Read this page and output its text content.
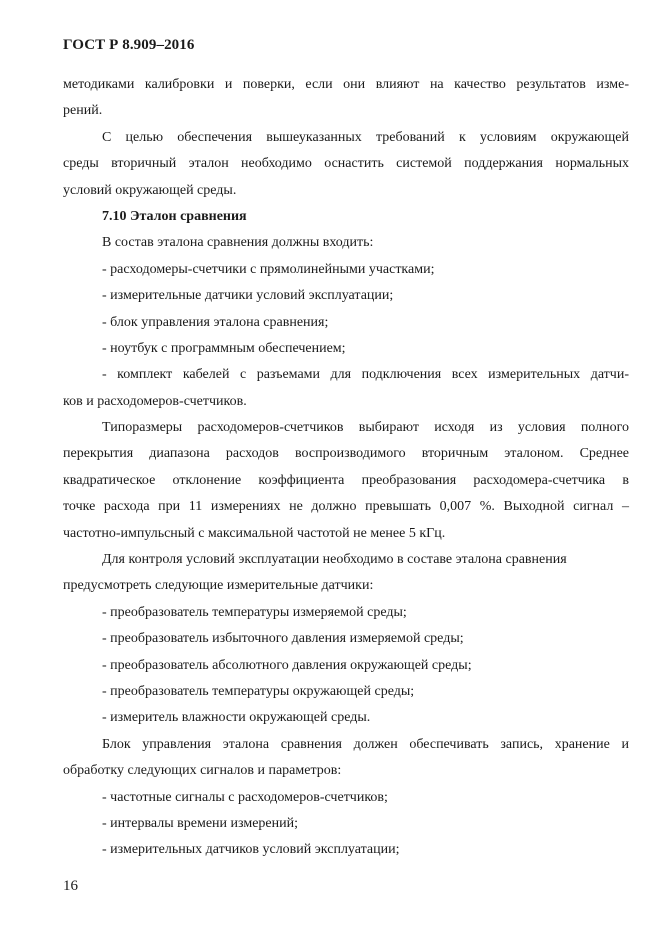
ГОСТ Р 8.909–2016
методиками калибровки и поверки, если они влияют на качество результатов изме-
рений.
С целью обеспечения вышеуказанных требований к условиям окружающей
среды вторичный эталон необходимо оснастить системой поддержания нормальных
условий окружающей среды.
7.10 Эталон сравнения
В состав эталона сравнения должны входить:
- расходомеры-счетчики с прямолинейными участками;
- измерительные датчики условий эксплуатации;
- блок управления эталона сравнения;
- ноутбук с программным обеспечением;
- комплект кабелей с разъемами для подключения всех измерительных датчи-
ков и расходомеров-счетчиков.
Типоразмеры расходомеров-счетчиков выбирают исходя из условия полного
перекрытия диапазона расходов воспроизводимого вторичным эталоном. Среднее
квадратическое отклонение коэффициента преобразования расходомера-счетчика в
точке расхода при 11 измерениях не должно превышать 0,007 %. Выходной сигнал –
частотно-импульсный с максимальной частотой не менее 5 кГц.
Для контроля условий эксплуатации необходимо в составе эталона сравнения
предусмотреть следующие измерительные датчики:
- преобразователь температуры измеряемой среды;
- преобразователь избыточного давления измеряемой среды;
- преобразователь абсолютного давления окружающей среды;
- преобразователь температуры окружающей среды;
- измеритель влажности окружающей среды.
Блок управления эталона сравнения должен обеспечивать запись, хранение и
обработку следующих сигналов и параметров:
- частотные сигналы с расходомеров-счетчиков;
- интервалы времени измерений;
- измерительных датчиков условий эксплуатации;
16
